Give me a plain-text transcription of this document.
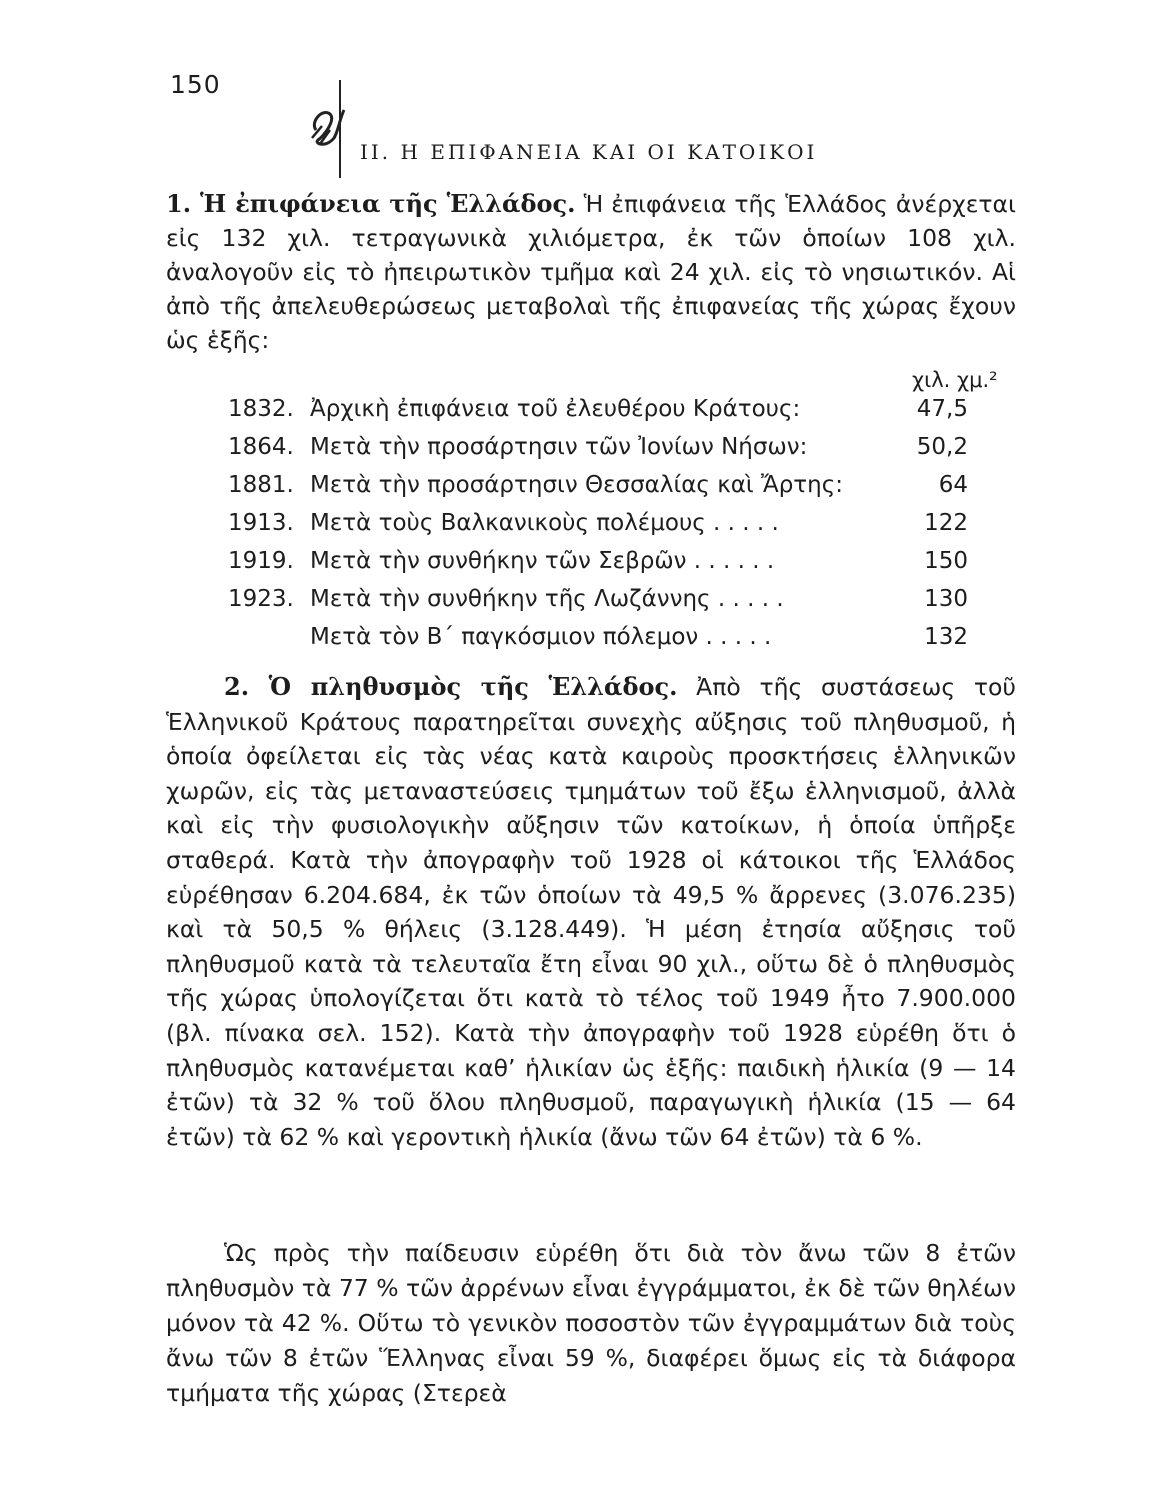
150
II. Η ΕΠΙΦΑΝΕΙΑ ΚΑΙ ΟΙ ΚΑΤΟΙΚΟΙ
1. Ἡ ἐπιφάνεια τῆς Ἑλλάδος. Ἡ ἐπιφάνεια τῆς Ἑλλάδος ἀνέρχεται εἰς 132 χιλ. τετραγωνικὰ χιλιόμετρα, ἐκ τῶν ὁποίων 108 χιλ. ἀναλογοῦν εἰς τὸ ἠπειρωτικὸν τμῆμα καὶ 24 χιλ. εἰς τὸ νησιωτικόν. Αἱ ἀπὸ τῆς ἀπελευθερώσεως μεταβολαὶ τῆς ἐπιφανείας τῆς χώρας ἔχουν ὡς ἑξῆς:
χιλ. χμ.²
1832. Ἀρχικὴ ἐπιφάνεια τοῦ ἐλευθέρου Κράτους:	47,5
1864. Μετὰ τὴν προσάρτησιν τῶν Ἰονίων Νήσων:	50,2
1881. Μετὰ τὴν προσάρτησιν Θεσσαλίας καὶ Ἄρτης:	64
1913. Μετὰ τοὺς Βαλκανικοὺς πολέμους . . . . .	122
1919. Μετὰ τὴν συνθήκην τῶν Σεβρῶν . . . . . .	150
1923. Μετὰ τὴν συνθήκην τῆς Λωζάννης . . . . .	130
Μετὰ τὸν Β΄ παγκόσμιον πόλεμον . . . . .	132
2. Ὁ πληθυσμὸς τῆς Ἑλλάδος. Ἀπὸ τῆς συστάσεως τοῦ Ἑλληνικοῦ Κράτους παρατηρεῖται συνεχὴς αὔξησις τοῦ πληθυσμοῦ, ἡ ὁποία ὀφείλεται εἰς τὰς νέας κατὰ καιροὺς προσκτήσεις ἑλληνικῶν χωρῶν, εἰς τὰς μεταναστεύσεις τμημάτων τοῦ ἔξω ἑλληνισμοῦ, ἀλλὰ καὶ εἰς τὴν φυσιολογικὴν αὔξησιν τῶν κατοίκων, ἡ ὁποία ὑπῆρξε σταθερά. Κατὰ τὴν ἀπογραφὴν τοῦ 1928 οἱ κάτοικοι τῆς Ἑλλάδος εὑρέθησαν 6.204.684, ἐκ τῶν ὁποίων τὰ 49,5 % ἄρρενες (3.076.235) καὶ τὰ 50,5 % θήλεις (3.128.449). Ἡ μέση ἐτησία αὔξησις τοῦ πληθυσμοῦ κατὰ τὰ τελευταῖα ἔτη εἶναι 90 χιλ., οὕτω δὲ ὁ πληθυσμὸς τῆς χώρας ὑπολογίζεται ὅτι κατὰ τὸ τέλος τοῦ 1949 ἦτο 7.900.000 (βλ. πίνακα σελ. 152). Κατὰ τὴν ἀπογραφὴν τοῦ 1928 εὑρέθη ὅτι ὁ πληθυσμὸς κατανέμεται καθ’ ἡλικίαν ὡς ἑξῆς: παιδικὴ ἡλικία (9 — 14 ἐτῶν) τὰ 32 % τοῦ ὅλου πληθυσμοῦ, παραγωγικὴ ἡλικία (15 — 64 ἐτῶν) τὰ 62 % καὶ γεροντικὴ ἡλικία (ἄνω τῶν 64 ἐτῶν) τὰ 6 %.
Ὡς πρὸς τὴν παίδευσιν εὑρέθη ὅτι διὰ τὸν ἄνω τῶν 8 ἐτῶν πληθυσμὸν τὰ 77 % τῶν ἀρρένων εἶναι ἐγγράμματοι, ἐκ δὲ τῶν θηλέων μόνον τὰ 42 %. Οὕτω τὸ γενικὸν ποσοστὸν τῶν ἐγγραμμάτων διὰ τοὺς ἄνω τῶν 8 ἐτῶν Ἕλληνας εἶναι 59 %, διαφέρει ὅμως εἰς τὰ διάφορα τμήματα τῆς χώρας (Στερεὰ
